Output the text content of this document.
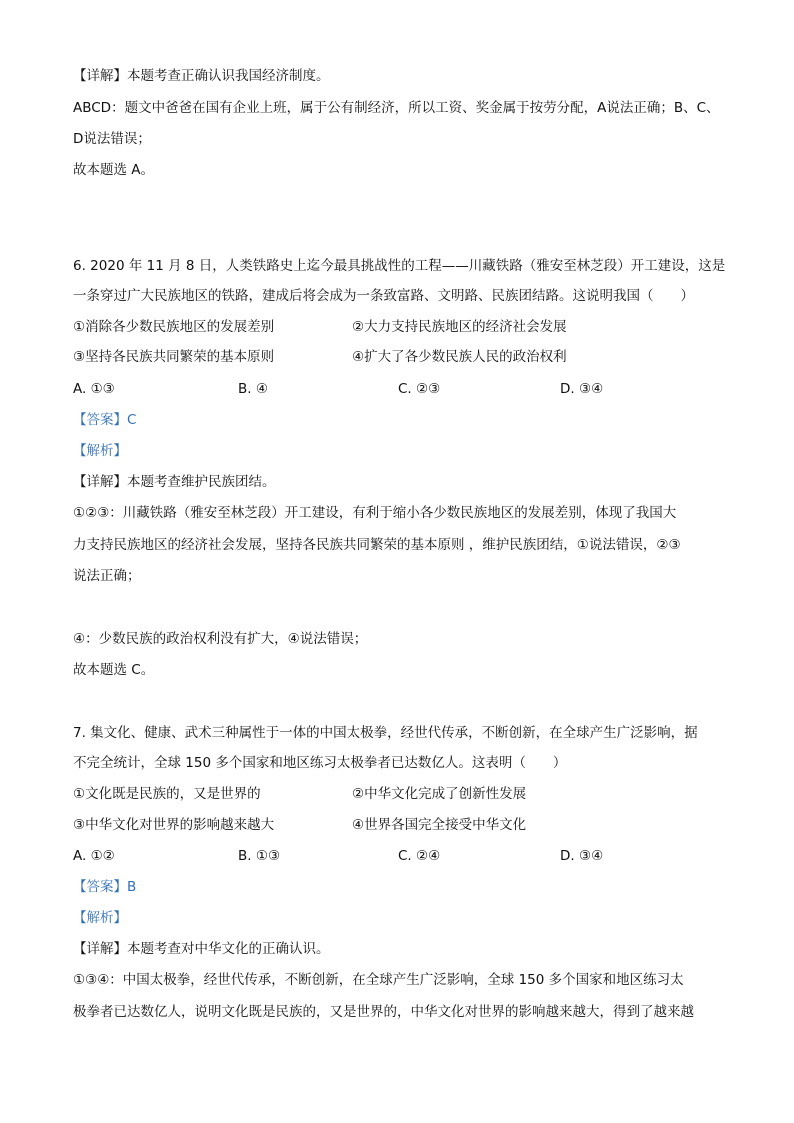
【详解】本题考查正确认识我国经济制度。
ABCD：题文中爸爸在国有企业上班，属于公有制经济，所以工资、奖金属于按劳分配，A说法正确；B、C、
D说法错误；
故本题选 A。
6. 2020 年 11 月 8 日，人类铁路史上迄今最具挑战性的工程——川藏铁路（雅安至林芝段）开工建设，这是
一条穿过广大民族地区的铁路，建成后将会成为一条致富路、文明路、民族团结路。这说明我国（　　）
①消除各少数民族地区的发展差别	②大力支持民族地区的经济社会发展
③坚持各民族共同繁荣的基本原则	④扩大了各少数民族人民的政治权利
A. ①③	B. ④	C. ②③	D. ③④
【答案】C
【解析】
【详解】本题考查维护民族团结。
①②③：川藏铁路（雅安至林芝段）开工建设，有利于缩小各少数民族地区的发展差别，体现了我国大
力支持民族地区的经济社会发展，坚持各民族共同繁荣的基本原则 ，维护民族团结，①说法错误，②③
说法正确；
④：少数民族的政治权利没有扩大，④说法错误；
故本题选 C。
7. 集文化、健康、武术三种属性于一体的中国太极拳，经世代传承，不断创新，在全球产生广泛影响，据
不完全统计，全球 150 多个国家和地区练习太极拳者已达数亿人。这表明（　　）
①文化既是民族的，又是世界的	②中华文化完成了创新性发展
③中华文化对世界的影响越来越大	④世界各国完全接受中华文化
A. ①②	B. ①③	C. ②④	D. ③④
【答案】B
【解析】
【详解】本题考查对中华文化的正确认识。
①③④：中国太极拳，经世代传承，不断创新，在全球产生广泛影响，全球 150 多个国家和地区练习太
极拳者已达数亿人，说明文化既是民族的，又是世界的，中华文化对世界的影响越来越大，得到了越来越
